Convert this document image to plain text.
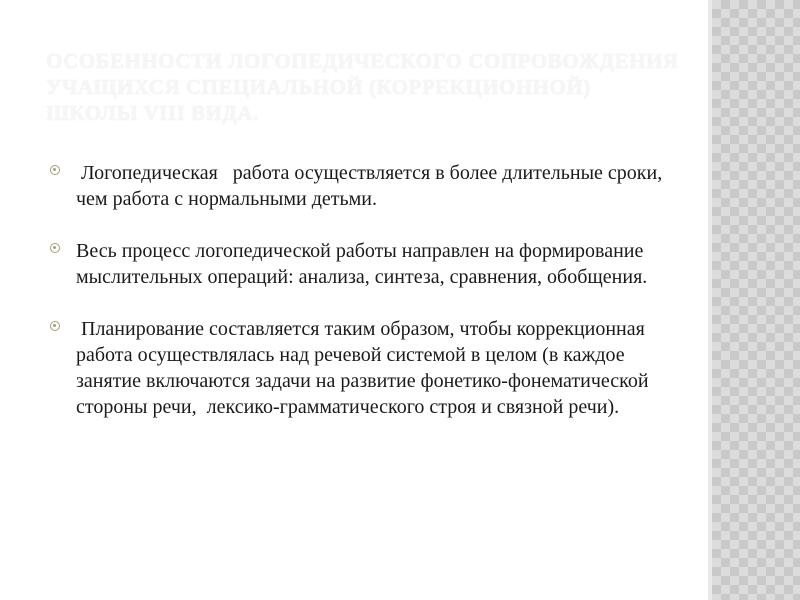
ОСОБЕННОСТИ ЛОГОПЕДИЧЕСКОГО СОПРОВОЖДЕНИЯ УЧАЩИХСЯ СПЕЦИАЛЬНОЙ (КОРРЕКЦИОННОЙ) ШКОЛЫ VIII ВИДА.
Логопедическая   работа осуществляется в более длительные сроки, чем работа с нормальными детьми.
Весь процесс логопедической работы направлен на формирование мыслительных операций: анализа, синтеза, сравнения, обобщения.
Планирование составляется таким образом, чтобы коррекционная работа осуществлялась над речевой системой в целом (в каждое занятие включаются задачи на развитие фонетико-фонематической стороны речи,  лексико-грамматического строя и связной речи).
